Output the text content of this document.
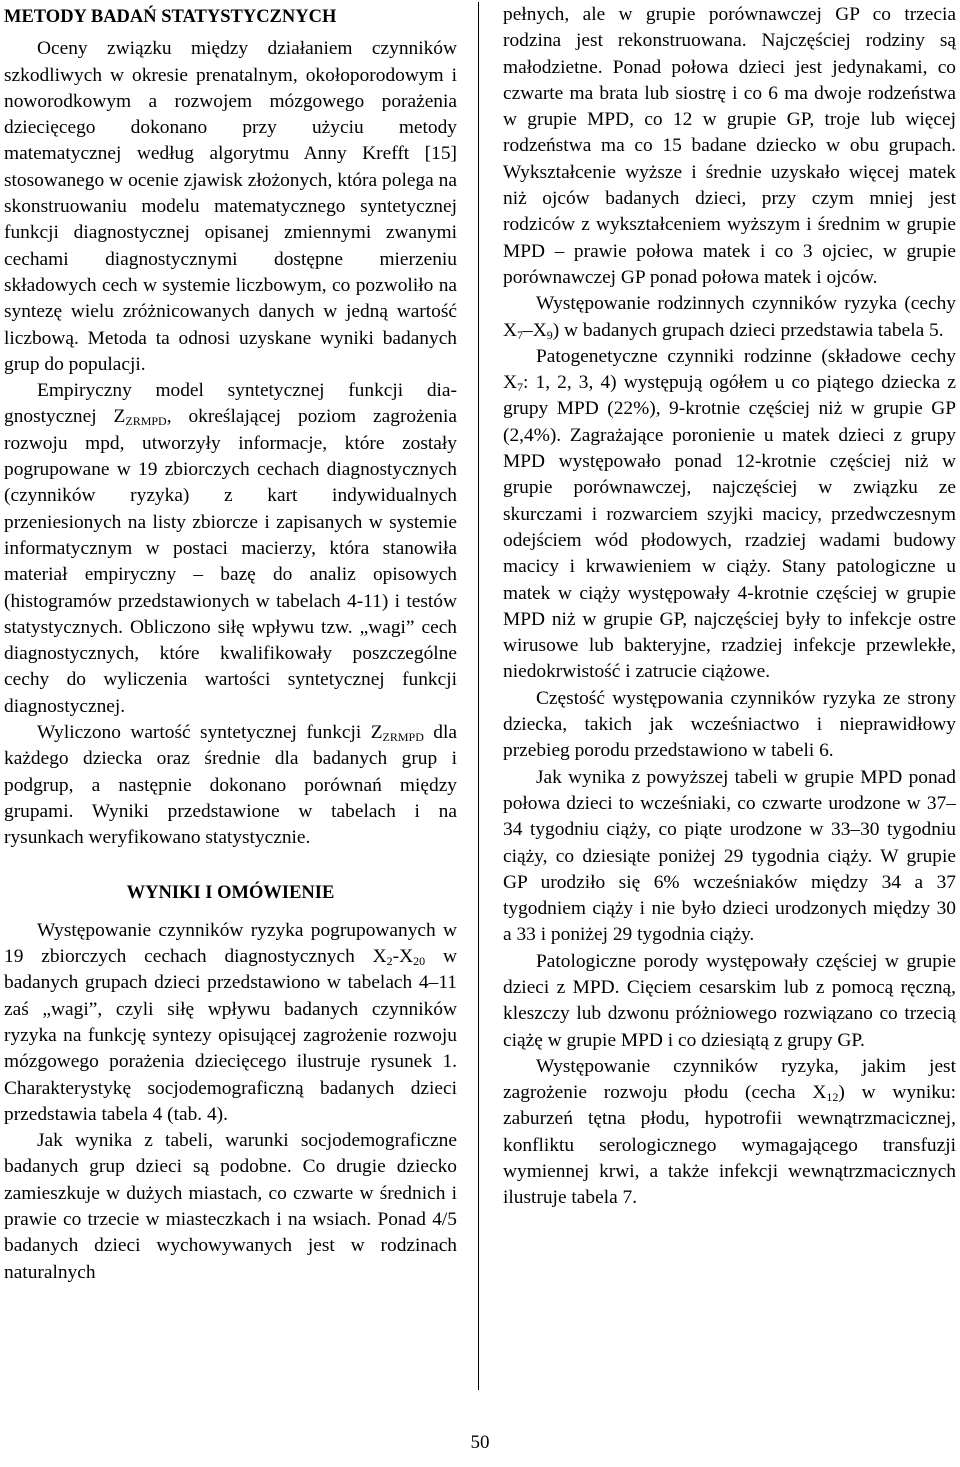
METODY BADAŃ STATYSTYCZNYCH

Oceny związku między działaniem czynników szkodliwych w okresie prenatalnym, okołoporodowym i noworodkowym a rozwojem mózgowego porażenia dziecięcego dokonano przy użyciu metody matematycznej według algorytmu Anny Krefft [15] stosowanego w ocenie zjawisk złożonych, która polega na skonstruowaniu modelu matematycznego syntetycznej funkcji diagnostycznej opisanej zmiennymi zwanymi cechami diagnostycznymi dostępne mierzeniu składowych cech w systemie liczbowym, co pozwoliło na syntezę wielu zróżnicowanych danych w jedną wartość liczbową. Metoda ta odnosi uzyskane wyniki badanych grup do populacji.

Empiryczny model syntetycznej funkcji diagnostycznej $Z_{ZRMPD}$, określającej poziom zagrożenia rozwoju mpd, utworzyły informacje, które zostały pogrupowane w 19 zbiorczych cechach diagnostycznych (czynników ryzyka) z kart indywidualnych przeniesionych na listy zbiorcze i zapisanych w systemie informatycznym w postaci macierzy, która stanowiła materiał empiryczny – bazę do analiz opisowych (histogramów przedstawionych w tabelach 4-11) i testów statystycznych. Obliczono siłę wpływu tzw. „wagi” cech diagnostycznych, które kwalifikowały poszczególne cechy do wyliczenia wartości syntetycznej funkcji diagnostycznej.

Wyliczono wartość syntetycznej funkcji $Z_{ZRMPD}$ dla każdego dziecka oraz średnie dla badanych grup i podgrup, a następnie dokonano porównań między grupami. Wyniki przedstawione w tabelach i na rysunkach weryfikowano statystycznie.

WYNIKI I OMÓWIENIE

Występowanie czynników ryzyka pogrupowanych w 19 zbiorczych cechach diagnostycznych $X_2-X_{20}$ w badanych grupach dzieci przedstawiono w tabelach 4–11 zaś „wagi”, czyli siłę wpływu badanych czynników ryzyka na funkcję syntezy opisującej zagrożenie rozwoju mózgowego porażenia dziecięcego ilustruje rysunek 1. Charakterystykę socjodemograficzną badanych dzieci przedstawia tabela 4 (tab. 4).

Jak wynika z tabeli, warunki socjodemograficzne badanych grup dzieci są podobne. Co drugie dziecko zamieszkuje w dużych miastach, co czwarte w średnich i prawie co trzecie w miasteczkach i na wsiach. Ponad 4/5 badanych dzieci wychowywanych jest w rodzinach naturalnych

pełnych, ale w grupie porównawczej GP co trzecia rodzina jest rekonstruowana. Najczęściej rodziny są małodzietne. Ponad połowa dzieci jest jedynakami, co czwarte ma brata lub siostrę i co 6 ma dwoje rodzeństwa w grupie MPD, co 12 w grupie GP, troje lub więcej rodzeństwa ma co 15 badane dziecko w obu grupach. Wykształcenie wyższe i średnie uzyskało więcej matek niż ojców badanych dzieci, przy czym mniej jest rodziców z wykształceniem wyższym i średnim w grupie MPD – prawie połowa matek i co 3 ojciec, w grupie porównawczej GP ponad połowa matek i ojców.

Występowanie rodzinnych czynników ryzyka (cechy $X_7-X_9$) w badanych grupach dzieci przedstawia tabela 5.

Patogenetyczne czynniki rodzinne (składowe cechy $X_7$: 1, 2, 3, 4) występują ogółem u co piątego dziecka z grupy MPD (22%), 9-krotnie częściej niż w grupie GP (2,4%). Zagrażające poronienie u matek dzieci z grupy MPD występowało ponad 12-krotnie częściej niż w grupie porównawczej, najczęściej w związku ze skurczami i rozwarciem szyjki macicy, przedwczesnym odejściem wód płodowych, rzadziej wadami budowy macicy i krwawieniem w ciąży. Stany patologiczne u matek w ciąży występowały 4-krotnie częściej w grupie MPD niż w grupie GP, najczęściej były to infekcje ostre wirusowe lub bakteryjne, rzadziej infekcje przewlekłe, niedokrwistość i zatrucie ciążowe.

Częstość występowania czynników ryzyka ze strony dziecka, takich jak wcześniactwo i nieprawidłowy przebieg porodu przedstawiono w tabeli 6.

Jak wynika z powyższej tabeli w grupie MPD ponad połowa dzieci to wcześniaki, co czwarte urodzone w 37–34 tygodniu ciąży, co piąte urodzone w 33–30 tygodniu ciąży, co dziesiąte poniżej 29 tygodnia ciąży. W grupie GP urodziło się 6% wcześniaków między 34 a 37 tygodniem ciąży i nie było dzieci urodzonych między 30 a 33 i poniżej 29 tygodnia ciąży.

Patologiczne porody występowały częściej w grupie dzieci z MPD. Cięciem cesarskim lub z pomocą ręczną, kleszczy lub dzwonu próżniowego rozwiązano co trzecią ciążę w grupie MPD i co dziesiątą z grupy GP.

Występowanie czynników ryzyka, jakim jest zagrożenie rozwoju płodu (cecha $X_{12}$) w wyniku: zaburzeń tętna płodu, hypotrofii wewnątrzmacicznej, konfliktu serologicznego wymagającego transfuzji wymiennej krwi, a także infekcji wewnątrzmacicznych ilustruje tabela 7.

50
